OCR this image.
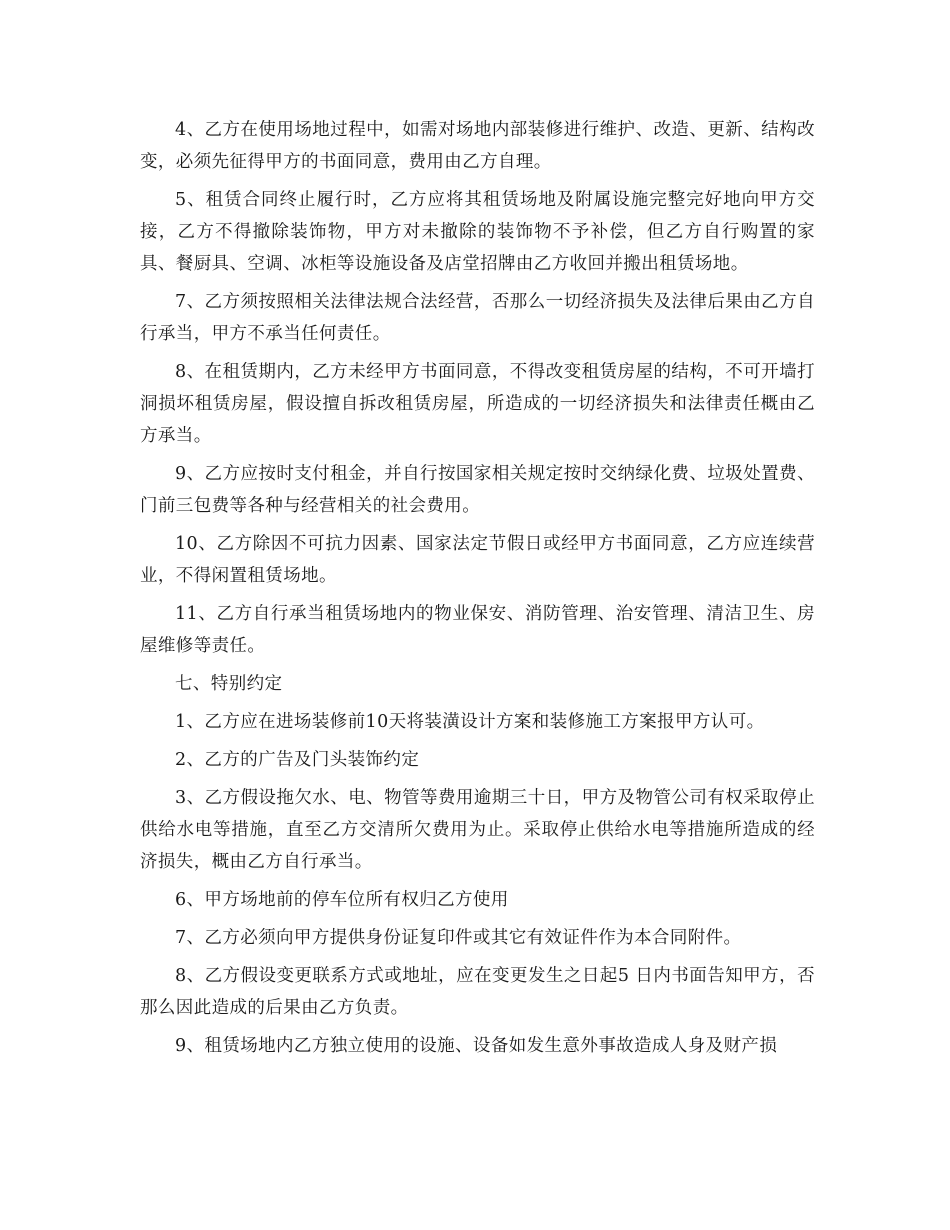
4、乙方在使用场地过程中，如需对场地内部装修进行维护、改造、更新、结构改变，必须先征得甲方的书面同意，费用由乙方自理。

5、租赁合同终止履行时，乙方应将其租赁场地及附属设施完整完好地向甲方交接，乙方不得撤除装饰物，甲方对未撤除的装饰物不予补偿，但乙方自行购置的家具、餐厨具、空调、冰柜等设施设备及店堂招牌由乙方收回并搬出租赁场地。

7、乙方须按照相关法律法规合法经营，否那么一切经济损失及法律后果由乙方自行承当，甲方不承当任何责任。

8、在租赁期内，乙方未经甲方书面同意，不得改变租赁房屋的结构，不可开墙打洞损坏租赁房屋，假设擅自拆改租赁房屋，所造成的一切经济损失和法律责任概由乙方承当。

9、乙方应按时支付租金，并自行按国家相关规定按时交纳绿化费、垃圾处置费、门前三包费等各种与经营相关的社会费用。

10、乙方除因不可抗力因素、国家法定节假日或经甲方书面同意，乙方应连续营业，不得闲置租赁场地。

11、乙方自行承当租赁场地内的物业保安、消防管理、治安管理、清洁卫生、房屋维修等责任。

七、特别约定

1、乙方应在进场装修前10天将装潢设计方案和装修施工方案报甲方认可。

2、乙方的广告及门头装饰约定

3、乙方假设拖欠水、电、物管等费用逾期三十日，甲方及物管公司有权采取停止供给水电等措施，直至乙方交清所欠费用为止。采取停止供给水电等措施所造成的经济损失，概由乙方自行承当。

6、甲方场地前的停车位所有权归乙方使用

7、乙方必须向甲方提供身份证复印件或其它有效证件作为本合同附件。

8、乙方假设变更联系方式或地址，应在变更发生之日起5 日内书面告知甲方，否那么因此造成的后果由乙方负责。

9、租赁场地内乙方独立使用的设施、设备如发生意外事故造成人身及财产损
